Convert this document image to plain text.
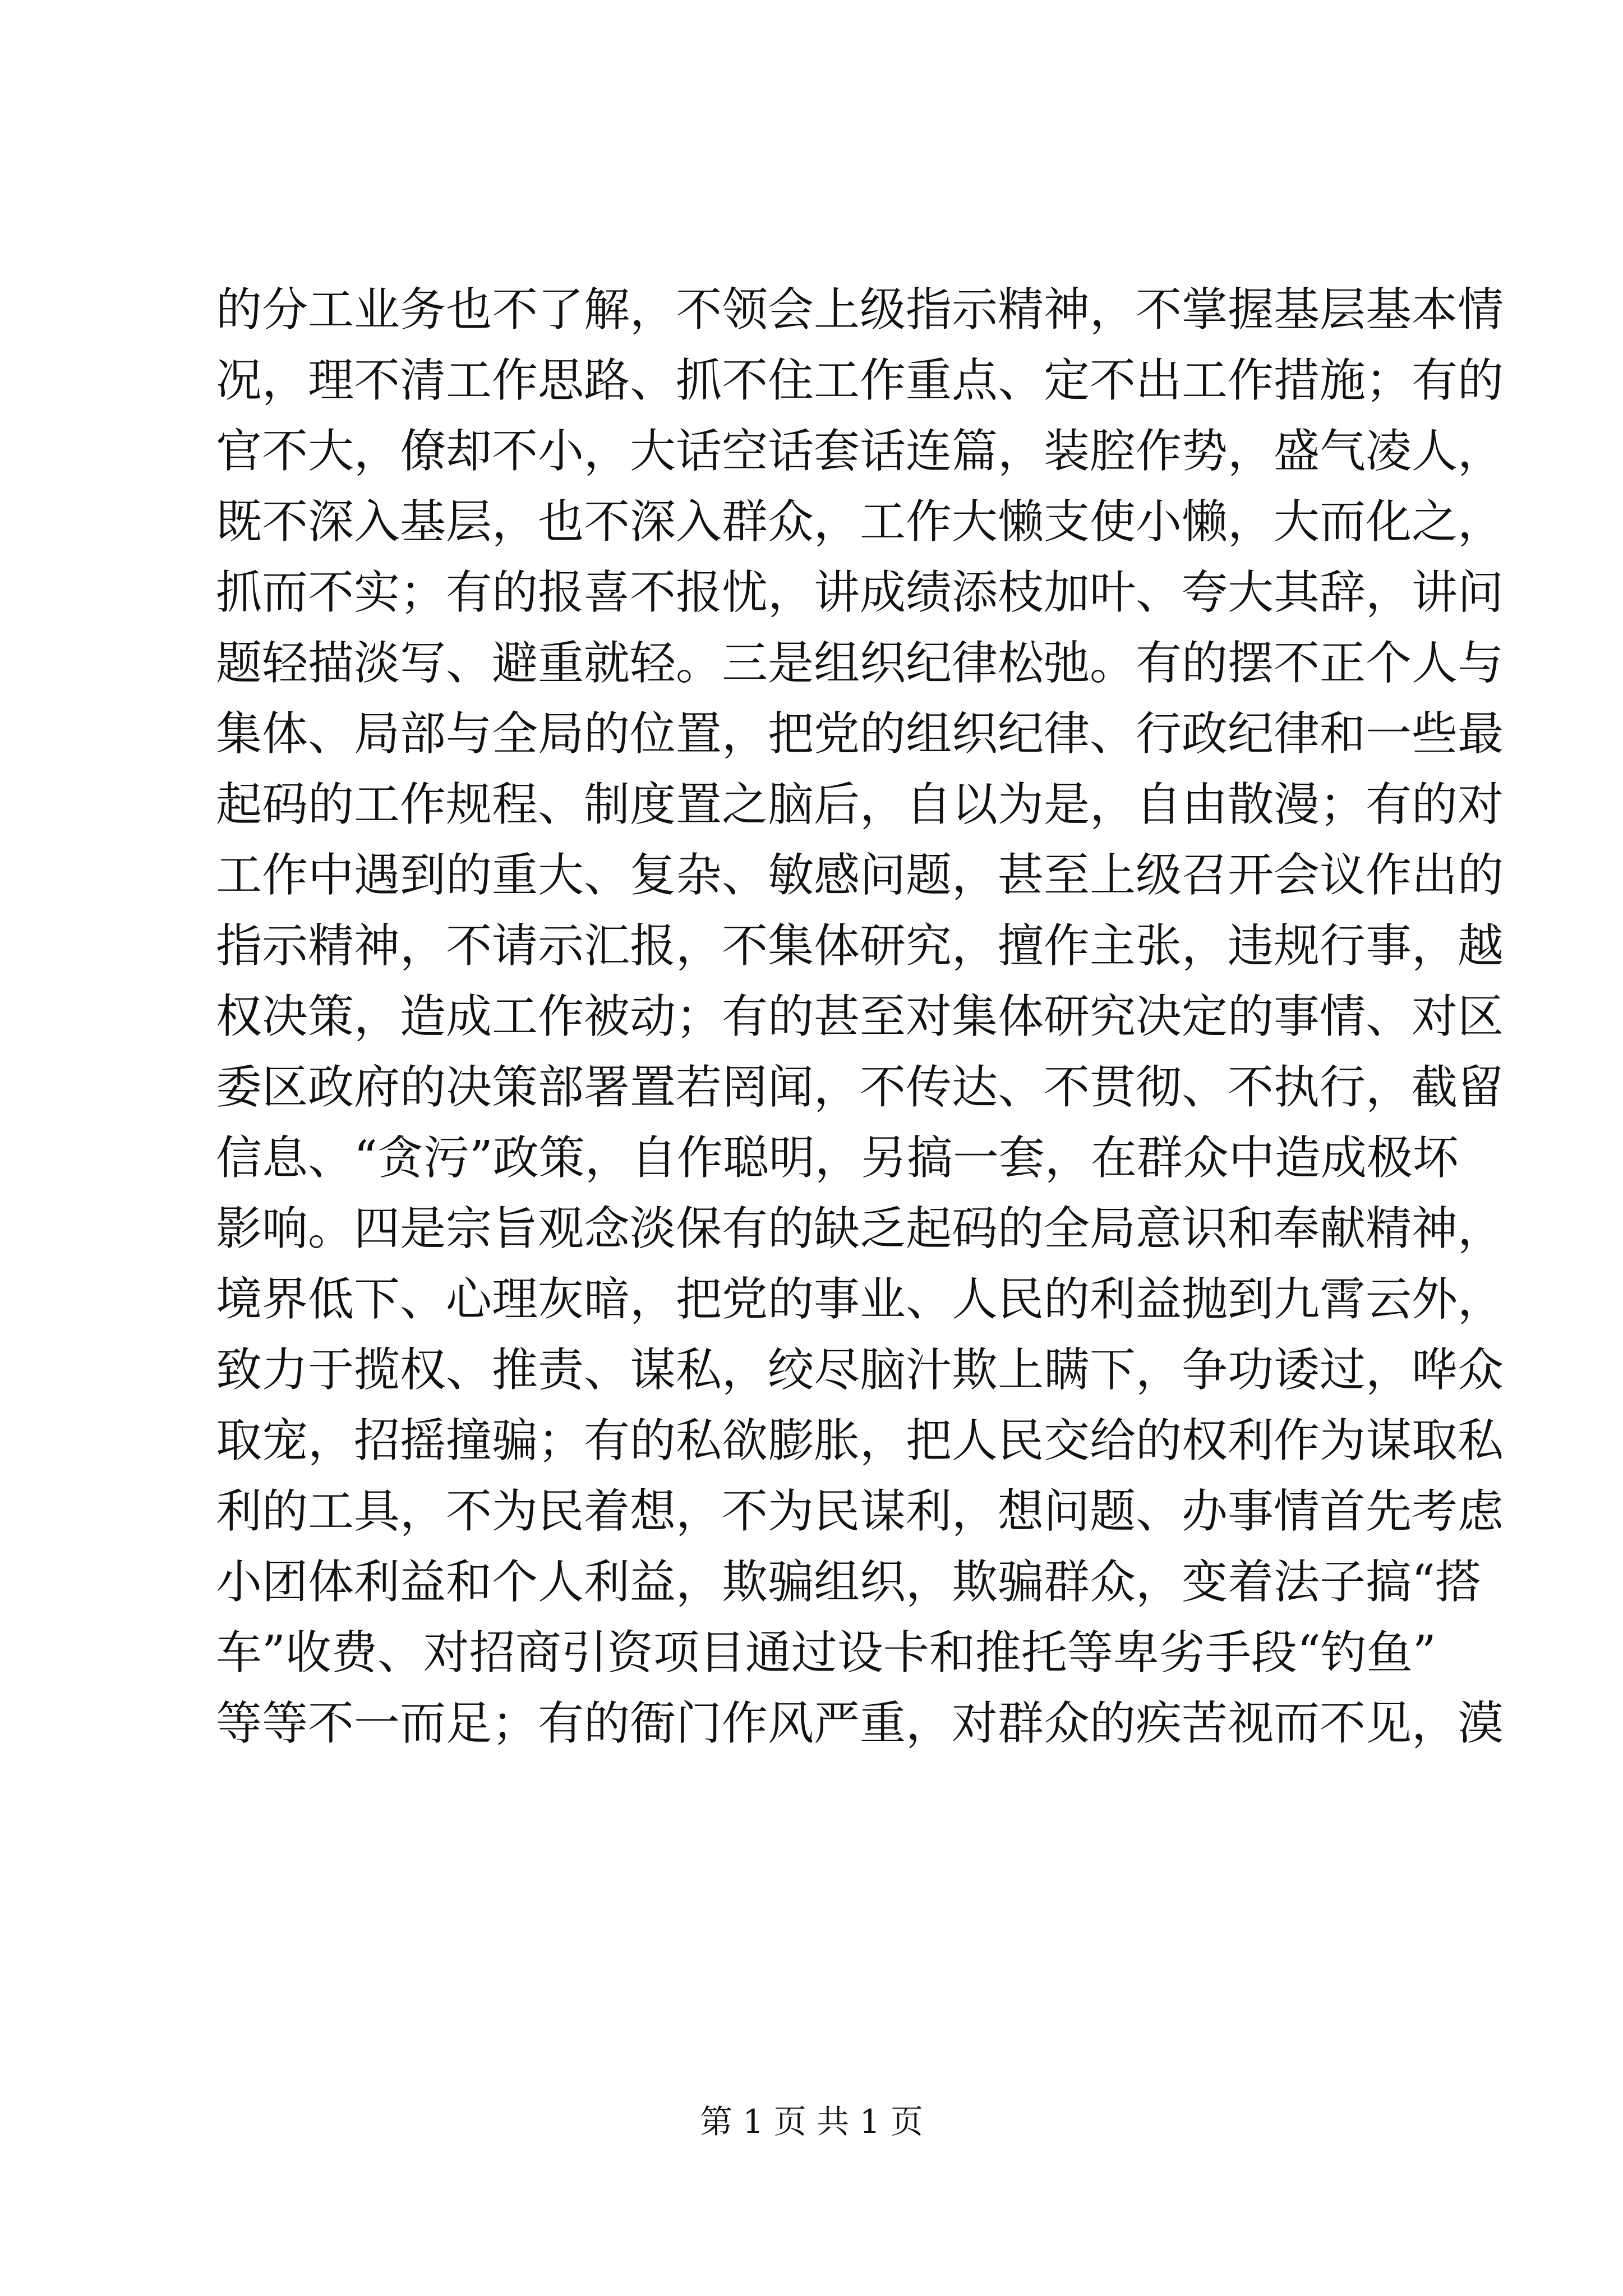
的分工业务也不了解，不领会上级指示精神，不掌握基层基本情
况，理不清工作思路、抓不住工作重点、定不出工作措施；有的
官不大，僚却不小，大话空话套话连篇，装腔作势，盛气凌人，
既不深入基层，也不深入群众，工作大懒支使小懒，大而化之，
抓而不实；有的报喜不报忧，讲成绩添枝加叶、夸大其辞，讲问
题轻描淡写、避重就轻。三是组织纪律松弛。有的摆不正个人与
集体、局部与全局的位置，把党的组织纪律、行政纪律和一些最
起码的工作规程、制度置之脑后，自以为是，自由散漫；有的对
工作中遇到的重大、复杂、敏感问题，甚至上级召开会议作出的
指示精神，不请示汇报，不集体研究，擅作主张，违规行事，越
权决策，造成工作被动；有的甚至对集体研究决定的事情、对区
委区政府的决策部署置若罔闻，不传达、不贯彻、不执行，截留
信息、“贪污”政策，自作聪明，另搞一套，在群众中造成极坏
影响。四是宗旨观念淡保有的缺乏起码的全局意识和奉献精神，
境界低下、心理灰暗，把党的事业、人民的利益抛到九霄云外，
致力于揽权、推责、谋私，绞尽脑汁欺上瞒下，争功诿过，哗众
取宠，招摇撞骗；有的私欲膨胀，把人民交给的权利作为谋取私
利的工具，不为民着想，不为民谋利，想问题、办事情首先考虑
小团体利益和个人利益，欺骗组织，欺骗群众，变着法子搞“搭
车”收费、对招商引资项目通过设卡和推托等卑劣手段“钓鱼”
等等不一而足；有的衙门作风严重，对群众的疾苦视而不见，漠
第 1 页 共 1 页
